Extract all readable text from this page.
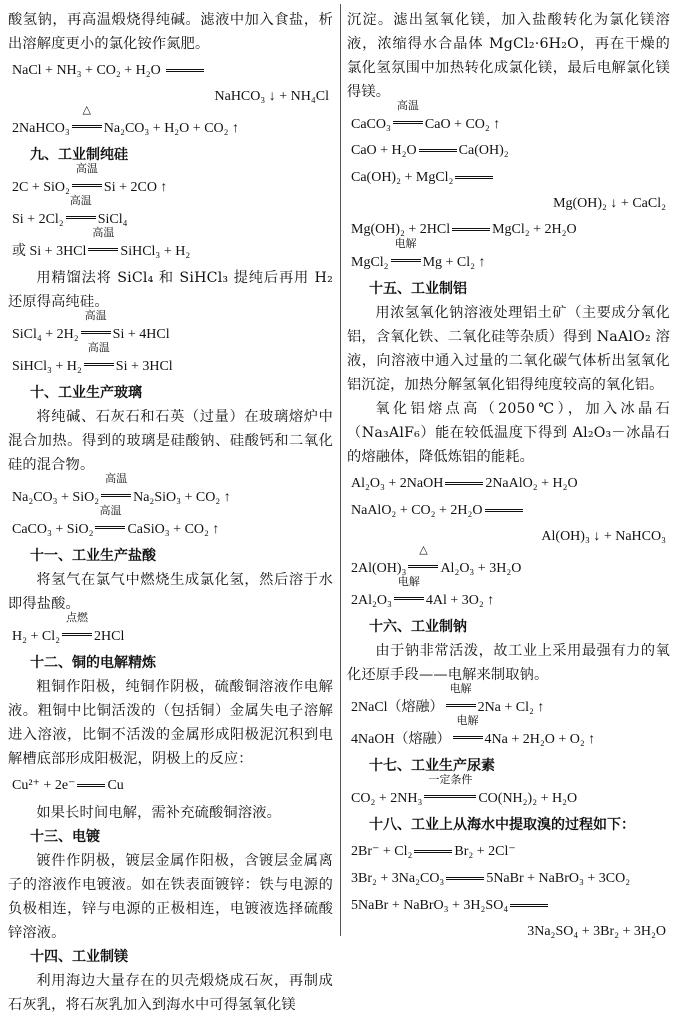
酸氢钠，再高温煅烧得纯碱。滤液中加入食盐，析出溶解度更小的氯化铵作氮肥。
NaCl + NH₃ + CO₂ + H₂O
NaHCO₃ ↓ + NH₄Cl
2NaHCO₃
△
Na₂CO₃ + H₂O + CO₂ ↑
九、工业制纯硅
2C + SiO₂
高温
Si + 2CO ↑
Si + 2Cl₂
高温
SiCl₄
或 Si + 3HCl
高温
SiHCl₃ + H₂
用精馏法将 SiCl₄ 和 SiHCl₃ 提纯后再用 H₂ 还原得高纯硅。
SiCl₄ + 2H₂
高温
Si + 4HCl
SiHCl₃ + H₂
高温
Si + 3HCl
十、工业生产玻璃
将纯碱、石灰石和石英（过量）在玻璃熔炉中混合加热。得到的玻璃是硅酸钠、硅酸钙和二氧化硅的混合物。
Na₂CO₃ + SiO₂
高温
Na₂SiO₃ + CO₂ ↑
CaCO₃ + SiO₂
高温
CaSiO₃ + CO₂ ↑
十一、工业生产盐酸
将氢气在氯气中燃烧生成氯化氢，然后溶于水即得盐酸。
H₂ + Cl₂
点燃
2HCl
十二、铜的电解精炼
粗铜作阳极，纯铜作阴极，硫酸铜溶液作电解液。粗铜中比铜活泼的（包括铜）金属失电子溶解进入溶液，比铜不活泼的金属形成阳极泥沉积到电解槽底部形成阳极泥，阴极上的反应：
Cu²⁺ + 2e⁻ Cu
如果长时间电解，需补充硫酸铜溶液。
十三、电镀
镀件作阴极，镀层金属作阳极，含镀层金属离子的溶液作电镀液。如在铁表面镀锌：铁与电源的负极相连，锌与电源的正极相连，电镀液选择硫酸锌溶液。
十四、工业制镁
利用海边大量存在的贝壳煅烧成石灰，再制成石灰乳，将石灰乳加入到海水中可得氢氧化镁
沉淀。滤出氢氧化镁，加入盐酸转化为氯化镁溶液，浓缩得水合晶体 MgCl₂·6H₂O，再在干燥的氯化氢氛围中加热转化成氯化镁，最后电解氯化镁得镁。
CaCO₃
高温
CaO + CO₂ ↑
CaO + H₂O	Ca(OH)₂
Ca(OH)₂ + MgCl₂
Mg(OH)₂ ↓ + CaCl₂
Mg(OH)₂ + 2HCl	MgCl₂ + 2H₂O
MgCl₂
电解
Mg + Cl₂ ↑
十五、工业制铝
用浓氢氧化钠溶液处理铝土矿（主要成分氧化铝，含氧化铁、二氧化硅等杂质）得到 NaAlO₂ 溶液，向溶液中通入过量的二氧化碳气体析出氢氧化铝沉淀，加热分解氢氧化铝得纯度较高的氧化铝。
氧化铝熔点高（2050℃），加入冰晶石（Na₃AlF₆）能在较低温度下得到 Al₂O₃－冰晶石的熔融体，降低炼铝的能耗。
Al₂O₃ + 2NaOH	2NaAlO₂ + H₂O
NaAlO₂ + CO₂ + 2H₂O
Al(OH)₃ ↓ + NaHCO₃
2Al(OH)₃
△
Al₂O₃ + 3H₂O
2Al₂O₃
电解
4Al + 3O₂ ↑
十六、工业制钠
由于钠非常活泼，故工业上采用最强有力的氧化还原手段——电解来制取钠。
2NaCl（熔融）
电解
2Na + Cl₂ ↑
4NaOH（熔融）
电解
4Na + 2H₂O + O₂ ↑
十七、工业生产尿素
CO₂ + 2NH₃
一定条件
CO(NH₂)₂ + H₂O
十八、工业上从海水中提取溴的过程如下：
2Br⁻ + Cl₂	Br₂ + 2Cl⁻
3Br₂ + 3Na₂CO₃	5NaBr + NaBrO₃ + 3CO₂
5NaBr + NaBrO₃ + 3H₂SO₄
3Na₂SO₄ + 3Br₂ + 3H₂O
